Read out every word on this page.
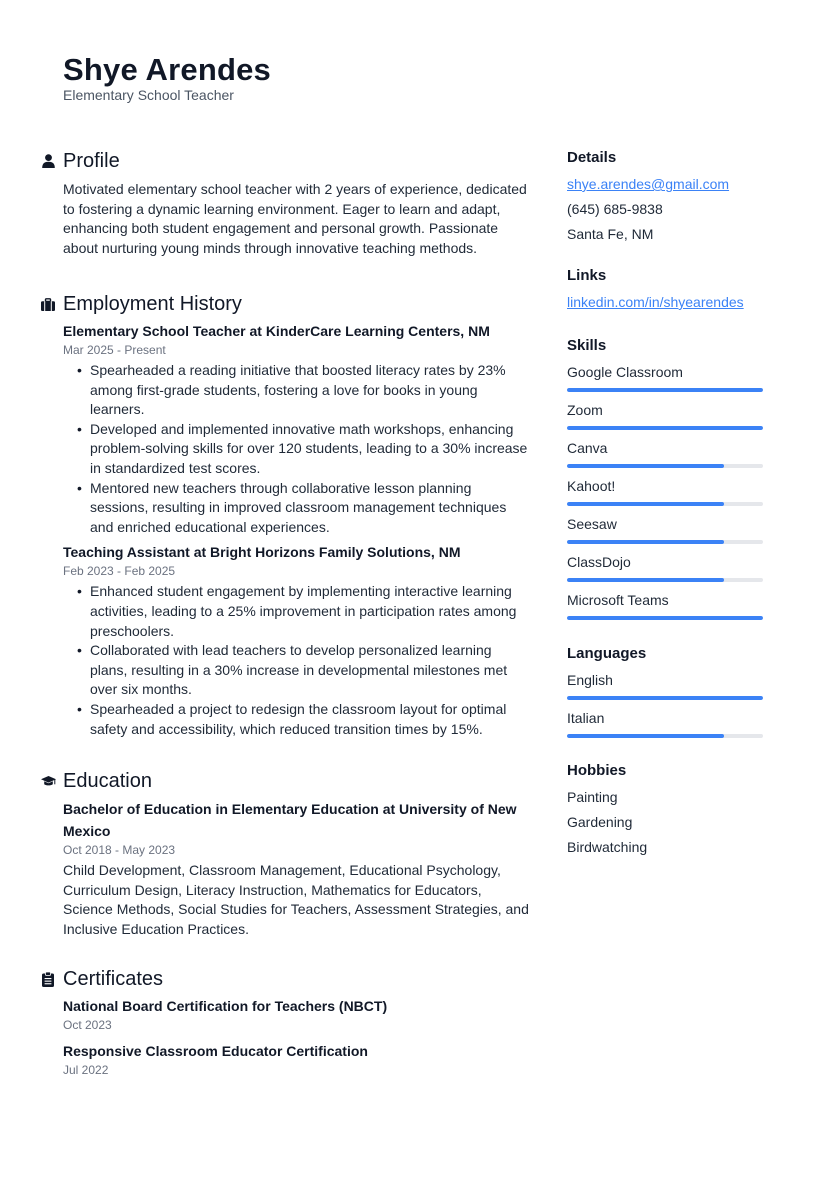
Shye Arendes
Elementary School Teacher
Profile
Motivated elementary school teacher with 2 years of experience, dedicated to fostering a dynamic learning environment. Eager to learn and adapt, enhancing both student engagement and personal growth. Passionate about nurturing young minds through innovative teaching methods.
Employment History
Elementary School Teacher at KinderCare Learning Centers, NM
Mar 2025 - Present
• Spearheaded a reading initiative that boosted literacy rates by 23% among first-grade students, fostering a love for books in young learners.
• Developed and implemented innovative math workshops, enhancing problem-solving skills for over 120 students, leading to a 30% increase in standardized test scores.
• Mentored new teachers through collaborative lesson planning sessions, resulting in improved classroom management techniques and enriched educational experiences.
Teaching Assistant at Bright Horizons Family Solutions, NM
Feb 2023 - Feb 2025
• Enhanced student engagement by implementing interactive learning activities, leading to a 25% improvement in participation rates among preschoolers.
• Collaborated with lead teachers to develop personalized learning plans, resulting in a 30% increase in developmental milestones met over six months.
• Spearheaded a project to redesign the classroom layout for optimal safety and accessibility, which reduced transition times by 15%.
Education
Bachelor of Education in Elementary Education at University of New Mexico
Oct 2018 - May 2023
Child Development, Classroom Management, Educational Psychology, Curriculum Design, Literacy Instruction, Mathematics for Educators, Science Methods, Social Studies for Teachers, Assessment Strategies, and Inclusive Education Practices.
Certificates
National Board Certification for Teachers (NBCT)
Oct 2023
Responsive Classroom Educator Certification
Jul 2022
Details
shye.arendes@gmail.com
(645) 685-9838
Santa Fe, NM
Links
linkedin.com/in/shyearendes
Skills
Google Classroom
Zoom
Canva
Kahoot!
Seesaw
ClassDojo
Microsoft Teams
Languages
English
Italian
Hobbies
Painting
Gardening
Birdwatching
